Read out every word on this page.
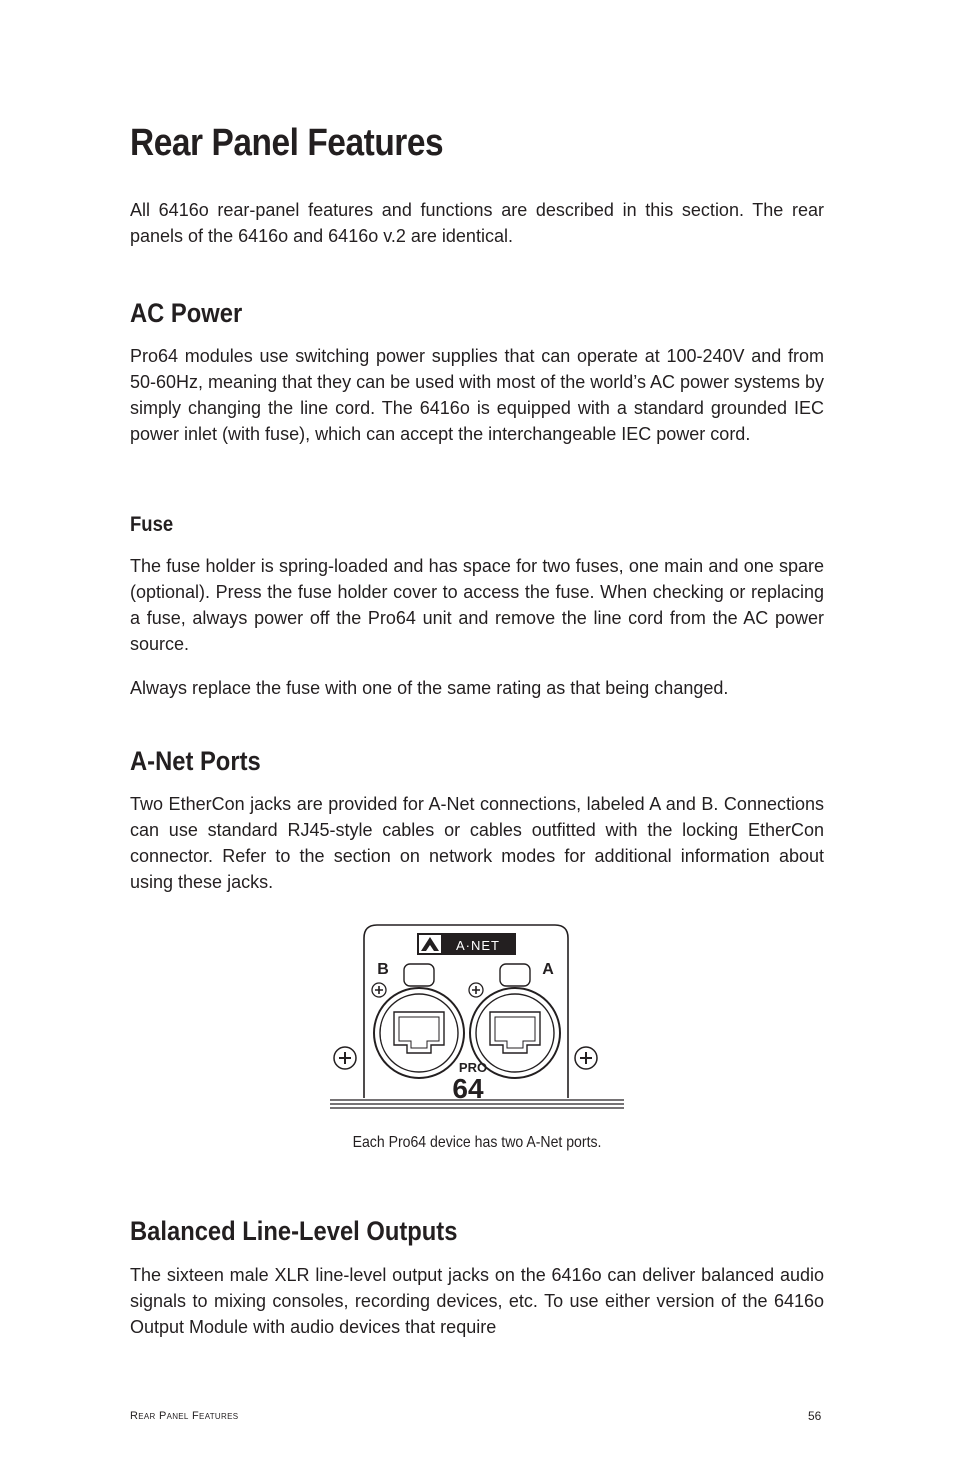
Rear Panel Features

All 6416o rear-panel features and functions are described in this section. The rear panels of the 6416o and 6416o v.2 are identical.

AC Power

Pro64 modules use switching power supplies that can operate at 100-240V and from 50-60Hz, meaning that they can be used with most of the world’s AC power systems by simply changing the line cord. The 6416o is equipped with a standard grounded IEC power inlet (with fuse), which can accept the interchangeable IEC power cord.

Fuse

The fuse holder is spring-loaded and has space for two fuses, one main and one spare (optional). Press the fuse holder cover to access the fuse. When checking or replacing a fuse, always power off the Pro64 unit and remove the line cord from the AC power source.

Always replace the fuse with one of the same rating as that being changed.

A-Net Ports

Two EtherCon jacks are provided for A-Net connections, labeled A and B. Connections can use standard RJ45-style cables or cables outfitted with the locking EtherCon connector. Refer to the section on network modes for additional information about using these jacks.

A·NET
B	A
PRO
64
Each Pro64 device has two A-Net ports.
Balanced Line-Level Outputs

The sixteen male XLR line-level output jacks on the 6416o can deliver balanced audio signals to mixing consoles, recording devices, etc. To use either version of the 6416o Output Module with audio devices that require

Rear Panel Features	56
